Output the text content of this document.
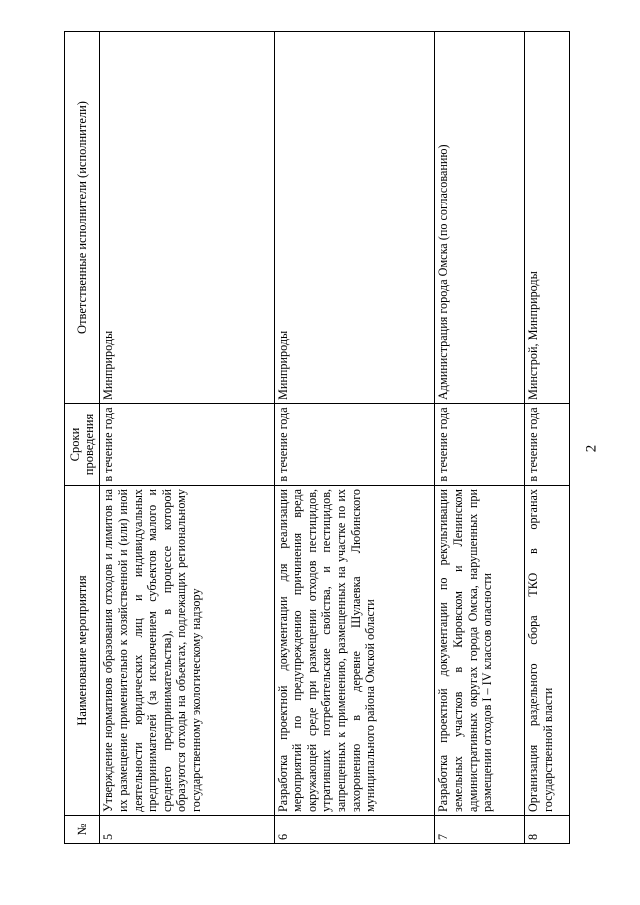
2
№	Наименование мероприятия	Сроки проведения	Ответственные исполнители (исполнители)
5	Утверждение нормативов образования отходов и лимитов на их размещение применительно к хозяйственной и (или) иной деятельности юридических лиц и индивидуальных предпринимателей (за исключением субъектов малого и среднего предпринимательства), в процессе которой образуются отходы на объектах, подлежащих региональному государственному экологическому надзору	в течение года	Минприроды
6	Разработка проектной документации для реализации мероприятий по предупреждению причинения вреда окружающей среде при размещении отходов пестицидов, утративших потребительские свойства, и пестицидов, запрещенных к применению, размещенных на участке по их захоронению в деревне Шулаевка Любинского муниципального района Омской области	в течение года	Минприроды
7	Разработка проектной документации по рекультивации земельных участков в Кировском и Ленинском административных округах города Омска, нарушенных при размещении отходов I – IV классов опасности	в течение года	Администрация города Омска (по согласованию)
8	Организация раздельного сбора ТКО в органах государственной власти	в течение года	Минстрой, Минприроды
